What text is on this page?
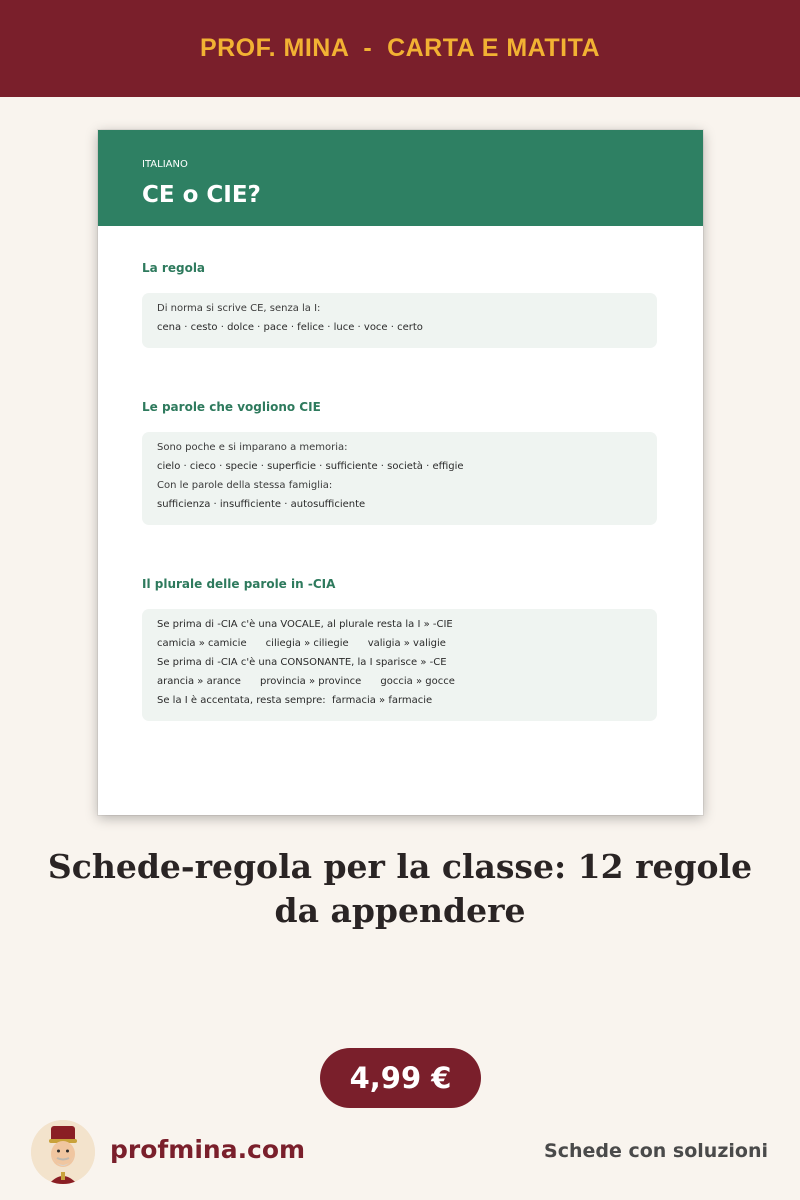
PROF. MINA  -  CARTA E MATITA
ITALIANO
CE o CIE?
La regola
Di norma si scrive CE, senza la I:
cena · cesto · dolce · pace · felice · luce · voce · certo
Le parole che vogliono CIE
Sono poche e si imparano a memoria:
cielo · cieco · specie · superficie · sufficiente · società · effigie
Con le parole della stessa famiglia:
sufficienza · insufficiente · autosufficiente
Il plurale delle parole in -CIA
Se prima di -CIA c'è una VOCALE, al plurale resta la I » -CIE
camicia » camicie      ciliegia » ciliegie      valigia » valigie
Se prima di -CIA c'è una CONSONANTE, la I sparisce » -CE
arancia » arance      provincia » province      goccia » gocce
Se la I è accentata, resta sempre:  farmacia » farmacie
Schede-regola per la classe: 12 regole da appendere
4,99 €
profmina.com	Schede con soluzioni
